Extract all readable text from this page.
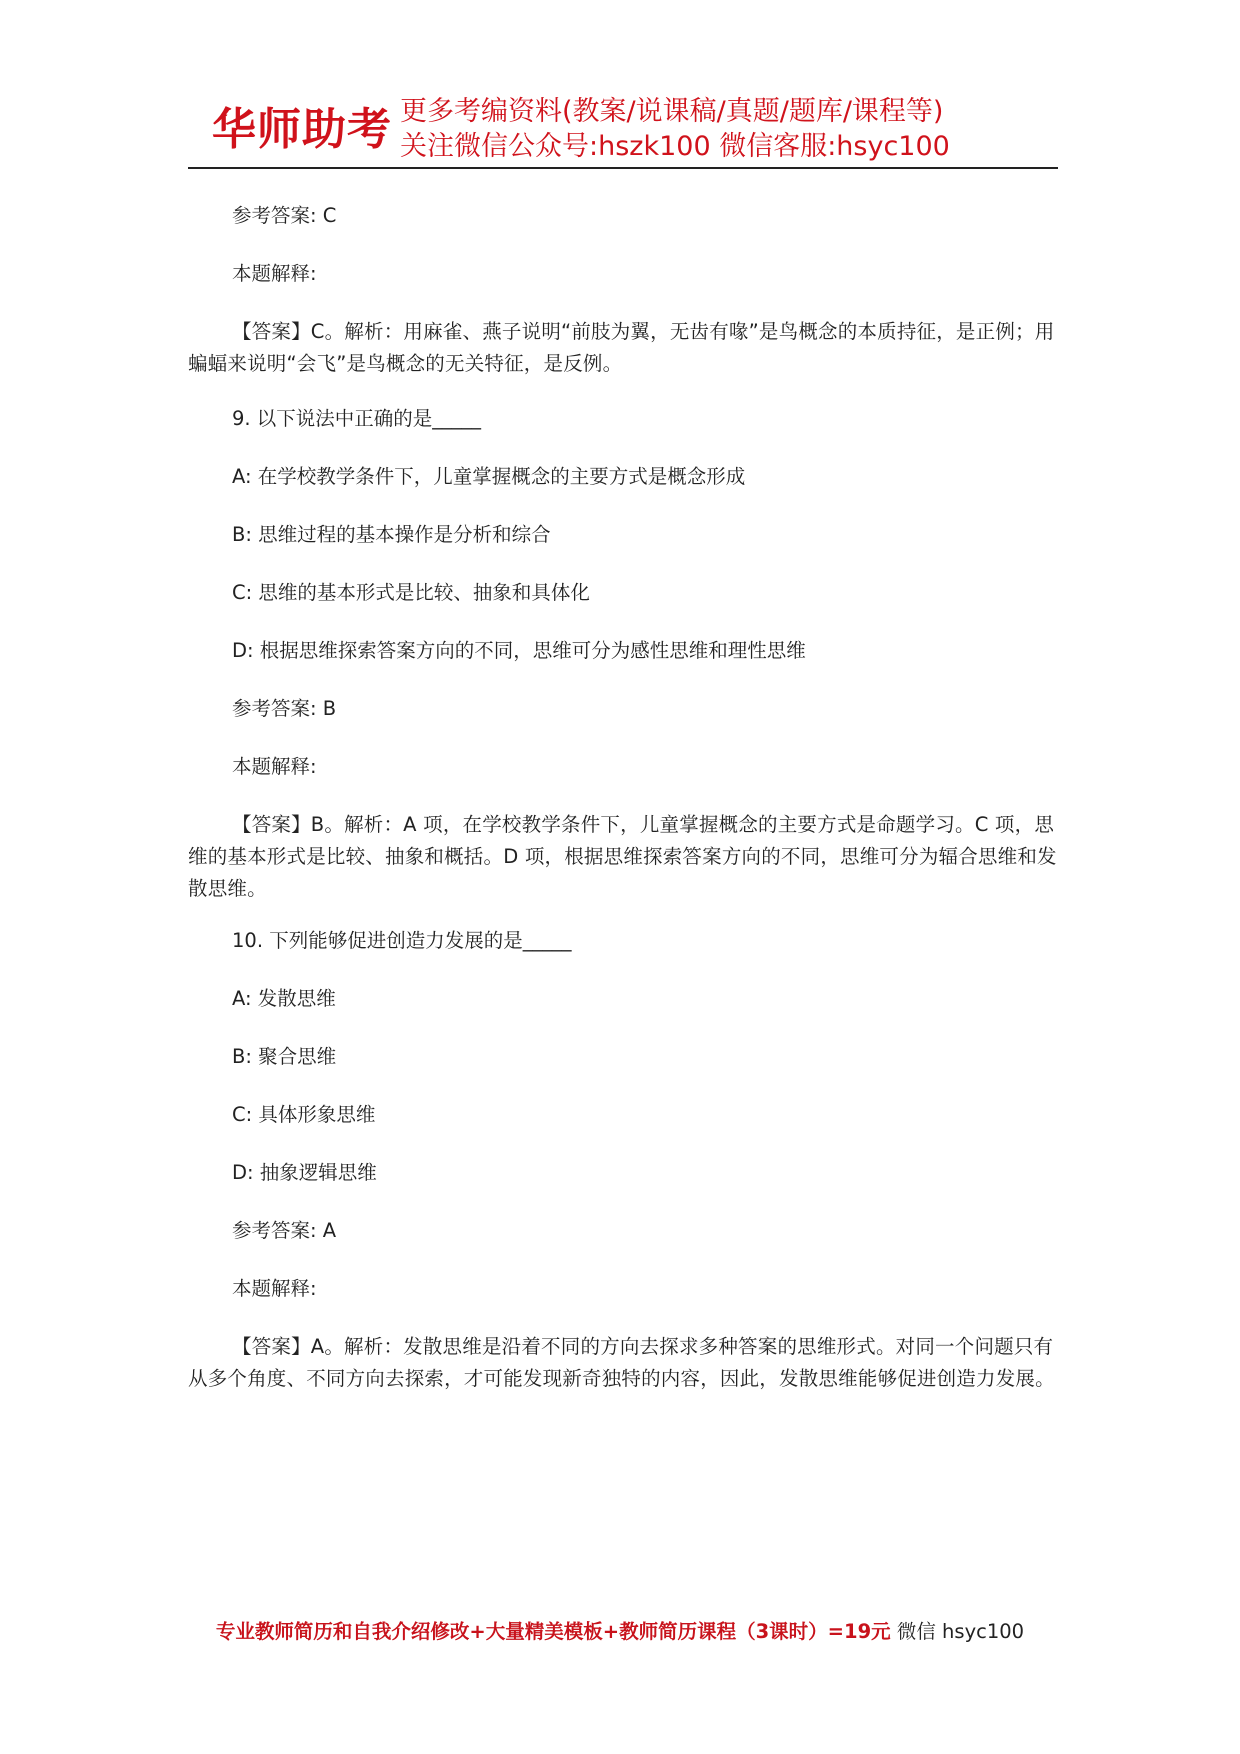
华师助考 更多考编资料(教案/说课稿/真题/题库/课程等)
关注微信公众号:hszk100 微信客服:hsyc100
参考答案: C
本题解释:
【答案】C。解析：用麻雀、燕子说明“前肢为翼，无齿有喙”是鸟概念的本质持征，是正例；用蝙蝠来说明“会飞”是鸟概念的无关特征，是反例。
9. 以下说法中正确的是_____
A: 在学校教学条件下，儿童掌握概念的主要方式是概念形成
B: 思维过程的基本操作是分析和综合
C: 思维的基本形式是比较、抽象和具体化
D: 根据思维探索答案方向的不同，思维可分为感性思维和理性思维
参考答案: B
本题解释:
【答案】B。解析：A 项，在学校教学条件下，儿童掌握概念的主要方式是命题学习。C 项，思维的基本形式是比较、抽象和概括。D 项，根据思维探索答案方向的不同，思维可分为辐合思维和发散思维。
10. 下列能够促进创造力发展的是_____
A: 发散思维
B: 聚合思维
C: 具体形象思维
D: 抽象逻辑思维
参考答案: A
本题解释:
【答案】A。解析：发散思维是沿着不同的方向去探求多种答案的思维形式。对同一个问题只有从多个角度、不同方向去探索，才可能发现新奇独特的内容，因此，发散思维能够促进创造力发展。
专业教师简历和自我介绍修改+大量精美模板+教师简历课程（3课时）=19元 微信 hsyc100
